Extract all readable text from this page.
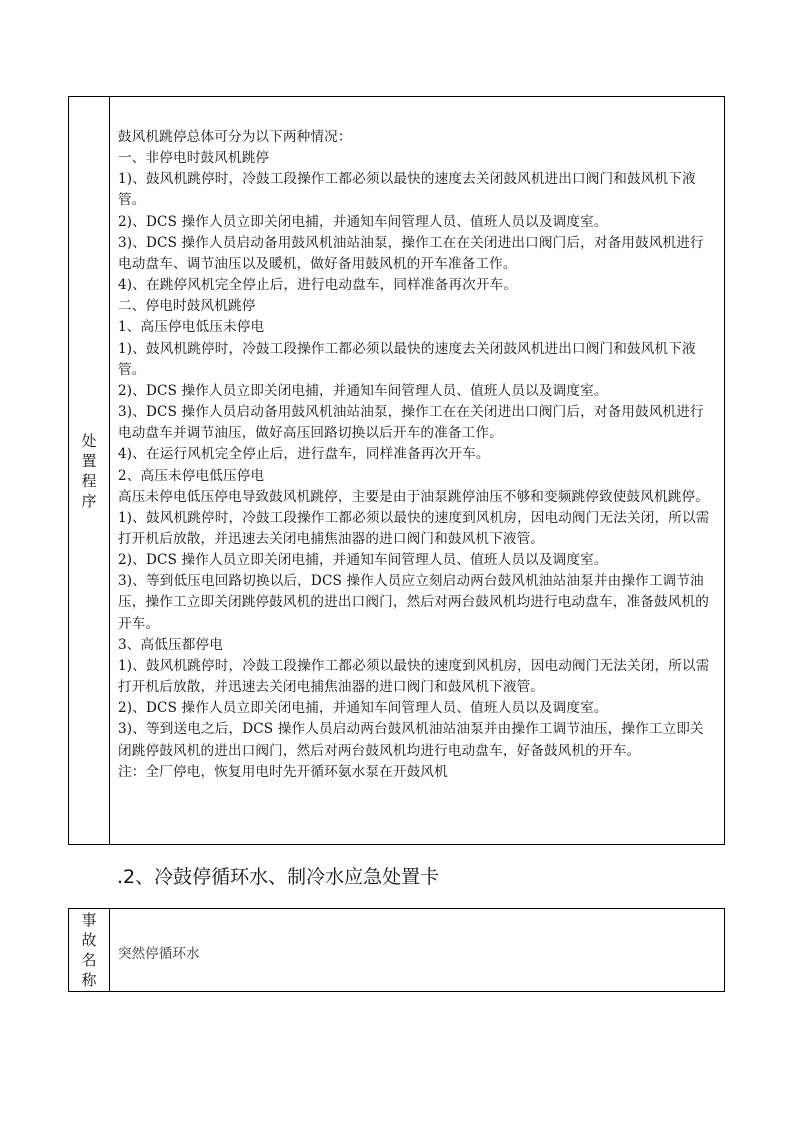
处置程序

鼓风机跳停总体可分为以下两种情况：

一、非停电时鼓风机跳停

1)、鼓风机跳停时，冷鼓工段操作工都必须以最快的速度去关闭鼓风机进出口阀门和鼓风机下液管。

2)、DCS 操作人员立即关闭电捕，并通知车间管理人员、值班人员以及调度室。

3)、DCS 操作人员启动备用鼓风机油站油泵，操作工在在关闭进出口阀门后，对备用鼓风机进行电动盘车、调节油压以及暖机，做好备用鼓风机的开车准备工作。

4)、在跳停风机完全停止后，进行电动盘车，同样准备再次开车。

二、停电时鼓风机跳停

1、高压停电低压未停电

1)、鼓风机跳停时，冷鼓工段操作工都必须以最快的速度去关闭鼓风机进出口阀门和鼓风机下液管。

2)、DCS 操作人员立即关闭电捕，并通知车间管理人员、值班人员以及调度室。

3)、DCS 操作人员启动备用鼓风机油站油泵，操作工在在关闭进出口阀门后，对备用鼓风机进行电动盘车并调节油压，做好高压回路切换以后开车的准备工作。

4)、在运行风机完全停止后，进行盘车，同样准备再次开车。

2、高压未停电低压停电

高压未停电低压停电导致鼓风机跳停，主要是由于油泵跳停油压不够和变频跳停致使鼓风机跳停。

1)、鼓风机跳停时，冷鼓工段操作工都必须以最快的速度到风机房，因电动阀门无法关闭，所以需打开机后放散，并迅速去关闭电捕焦油器的进口阀门和鼓风机下液管。

2)、DCS 操作人员立即关闭电捕，并通知车间管理人员、值班人员以及调度室。

3)、等到低压电回路切换以后，DCS 操作人员应立刻启动两台鼓风机油站油泵并由操作工调节油压，操作工立即关闭跳停鼓风机的进出口阀门，然后对两台鼓风机均进行电动盘车，准备鼓风机的开车。

3、高低压都停电

1)、鼓风机跳停时，冷鼓工段操作工都必须以最快的速度到风机房，因电动阀门无法关闭，所以需打开机后放散，并迅速去关闭电捕焦油器的进口阀门和鼓风机下液管。

2)、DCS 操作人员立即关闭电捕，并通知车间管理人员、值班人员以及调度室。

3)、等到送电之后，DCS 操作人员启动两台鼓风机油站油泵并由操作工调节油压，操作工立即关闭跳停鼓风机的进出口阀门，然后对两台鼓风机均进行电动盘车，好备鼓风机的开车。

注：全厂停电，恢复用电时先开循环氨水泵在开鼓风机

.2、冷鼓停循环水、制冷水应急处置卡
事故名称
突然停循环水
